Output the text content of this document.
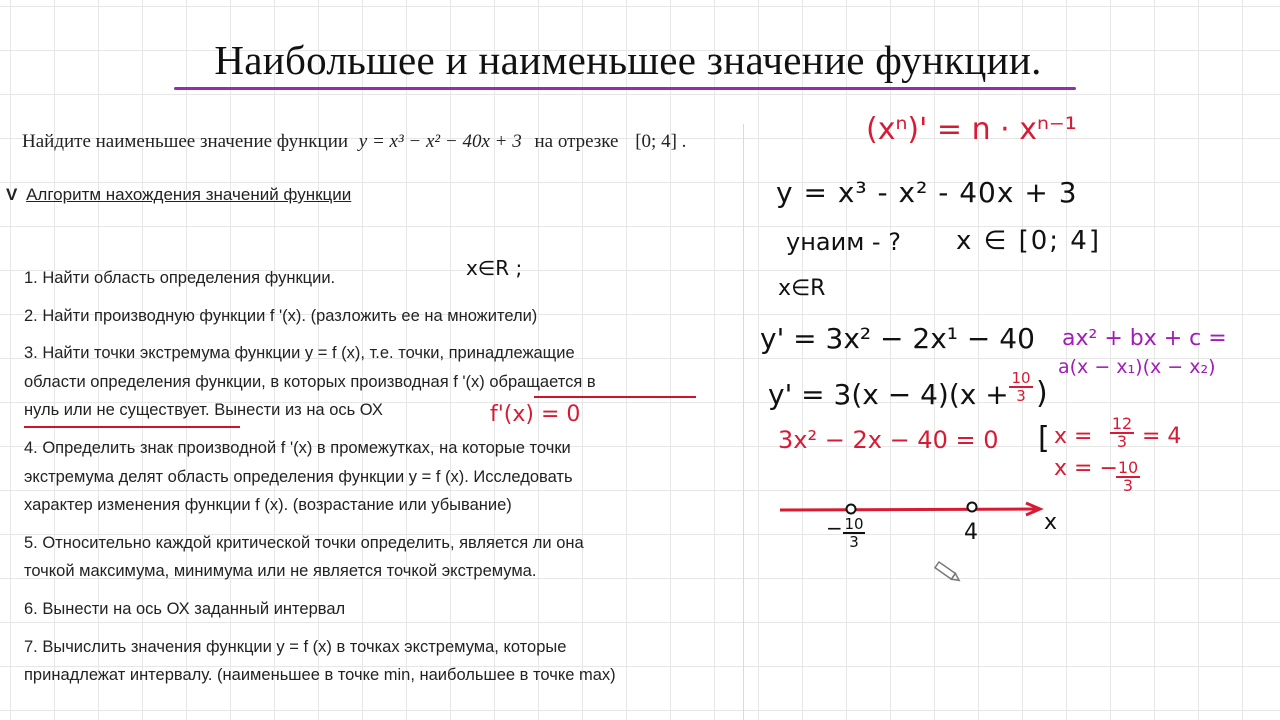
Наибольшее и наименьшее значение функции.
Найдите наименьшее значение функции y = x³ − x² − 40x + 3 на отрезке [0; 4] .
V Алгоритм нахождения значений функции

1. Найти область определения функции.

2. Найти производную функции f '(x). (разложить ее на множители)

3. Найти точки экстремума функции y = f (x), т.е. точки, принадлежащие

области определения функции, в которых производная f '(x) обращается в

нуль или не существует. Вынести из на ось ОХ

4. Определить знак производной f '(x) в промежутках, на которые точки

экстремума делят область определения функции y = f (x). Исследовать

характер изменения функции f (x). (возрастание или убывание)

5. Относительно каждой критической точки определить, является ли она

точкой максимума, минимума или не является точкой экстремума.

6. Вынести на ось ОХ заданный интервал

7. Вычислить значения функции y = f (x) в точках экстремума, которые

принадлежат интервалу. (наименьшее в точке min, наибольшее в точке max)

x∈R ;
f'(x) = 0
(xⁿ)' = n · xⁿ⁻¹
y = x³ - x² - 40x + 3
yнаим - ? x ∈ [0; 4]
x∈R
y' = 3x² − 2x¹ − 40
$y' = 3(x - 4)(x + \frac{10}{3}$ )
3x² − 2x − 40 = 0
ax² + bx + c =
a(x − x₁)(x − x₂)
[ $x = \frac{12}{3} = 4$
x = −
$\frac{10}{3}$
− $\frac{10}{3}$	4	x
